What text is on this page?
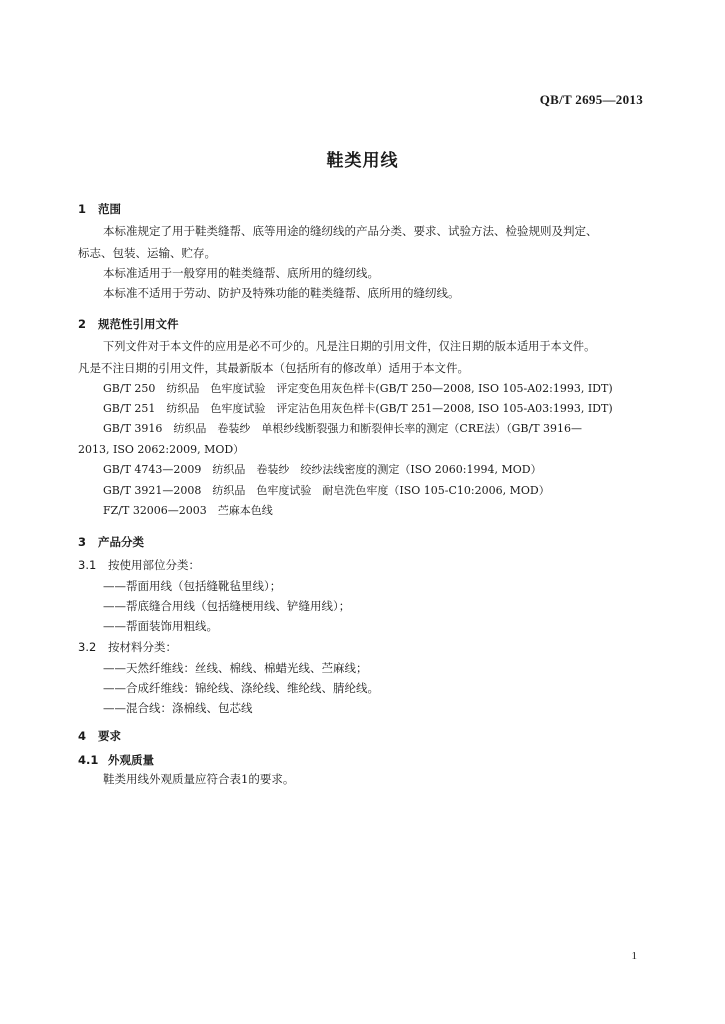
QB/T 2695—2013
鞋类用线
1 范围
本标准规定了用于鞋类缝帮、底等用途的缝纫线的产品分类、要求、试验方法、检验规则及判定、
标志、包装、运输、贮存。
本标准适用于一般穿用的鞋类缝帮、底所用的缝纫线。
本标准不适用于劳动、防护及特殊功能的鞋类缝帮、底所用的缝纫线。
2 规范性引用文件
下列文件对于本文件的应用是必不可少的。凡是注日期的引用文件，仅注日期的版本适用于本文件。
凡是不注日期的引用文件，其最新版本（包括所有的修改单）适用于本文件。
GB/T 250　纺织品　色牢度试验　评定变色用灰色样卡(GB/T 250—2008, ISO 105-A02:1993, IDT)
GB/T 251　纺织品　色牢度试验　评定沾色用灰色样卡(GB/T 251—2008, ISO 105-A03:1993, IDT)
GB/T 3916　纺织品　卷装纱　单根纱线断裂强力和断裂伸长率的测定（CRE法）（GB/T 3916—
2013, ISO 2062:2009, MOD）
GB/T 4743—2009　纺织品　卷装纱　绞纱法线密度的测定（ISO 2060:1994, MOD）
GB/T 3921—2008　纺织品　色牢度试验　耐皂洗色牢度（ISO 105-C10:2006, MOD）
FZ/T 32006—2003　苎麻本色线
3 产品分类
3.1 按使用部位分类：
——帮面用线（包括缝靴毡里线）；
——帮底缝合用线（包括缝梗用线、铲缝用线）；
——帮面装饰用粗线。
3.2 按材料分类：
——天然纤维线：丝线、棉线、棉蜡光线、苎麻线；
——合成纤维线：锦纶线、涤纶线、维纶线、腈纶线。
——混合线：涤棉线、包芯线
4 要求
4.1 外观质量
鞋类用线外观质量应符合表1的要求。
1
